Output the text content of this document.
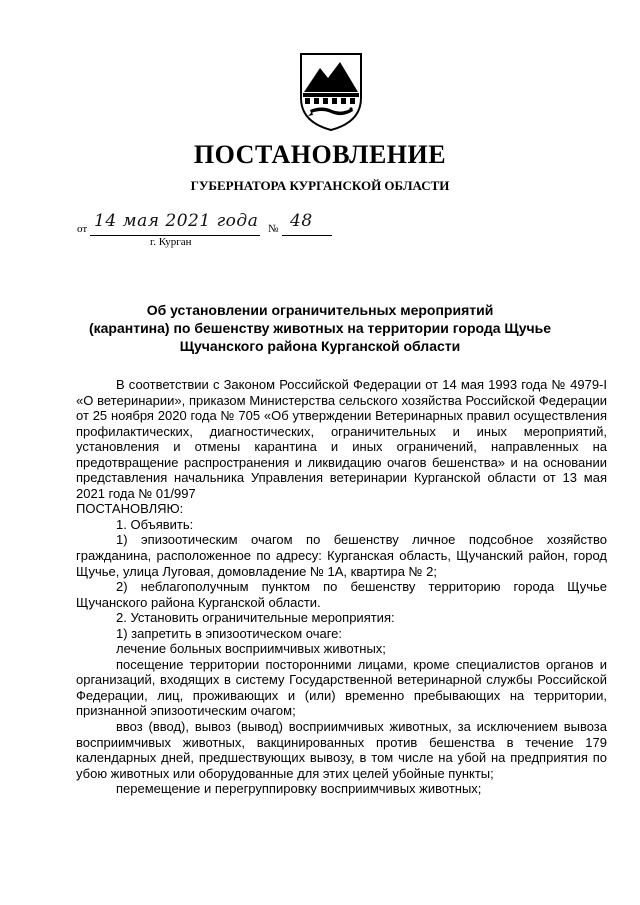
ПОСТАНОВЛЕНИЕ
ГУБЕРНАТОРА КУРГАНСКОЙ ОБЛАСТИ
от 14 мая 2021 года № 48
г. Курган
Об установлении ограничительных мероприятий
(карантина) по бешенству животных на территории города Щучье
Щучанского района Курганской области

В соответствии с Законом Российской Федерации от 14 мая 1993 года № 4979-I «О ветеринарии», приказом Министерства сельского хозяйства Российской Федерации от 25 ноября 2020 года № 705 «Об утверждении Ветеринарных правил осуществления профилактических, диагностических, ограничительных и иных мероприятий, установления и отмены карантина и иных ограничений, направленных на предотвращение распространения и ликвидацию очагов бешенства» и на основании представления начальника Управления ветеринарии Курганской области от 13 мая 2021 года № 01/997

ПОСТАНОВЛЯЮ:

1. Объявить:

1) эпизоотическим очагом по бешенству личное подсобное хозяйство гражданина, расположенное по адресу: Курганская область, Щучанский район, город Щучье, улица Луговая, домовладение № 1А, квартира № 2;

2) неблагополучным пунктом по бешенству территорию города Щучье Щучанского района Курганской области.

2. Установить ограничительные мероприятия:

1) запретить в эпизоотическом очаге:

лечение больных восприимчивых животных;

посещение территории посторонними лицами, кроме специалистов органов и организаций, входящих в систему Государственной ветеринарной службы Российской Федерации, лиц, проживающих и (или) временно пребывающих на территории, признанной эпизоотическим очагом;

ввоз (ввод), вывоз (вывод) восприимчивых животных, за исключением вывоза восприимчивых животных, вакцинированных против бешенства в течение 179 календарных дней, предшествующих вывозу, в том числе на убой на предприятия по убою животных или оборудованные для этих целей убойные пункты;

перемещение и перегруппировку восприимчивых животных;
